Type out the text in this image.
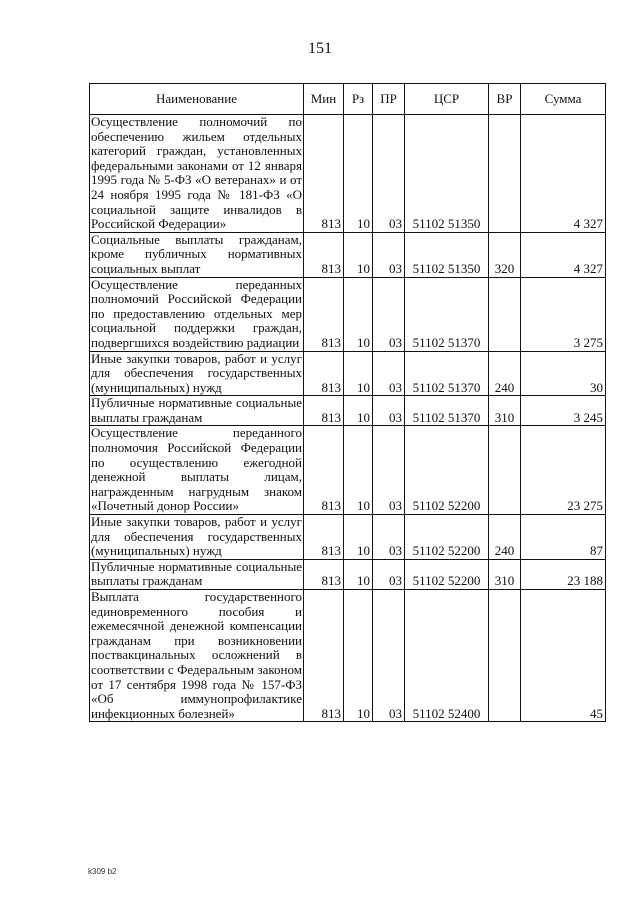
151
Наименование	Мин	Рз	ПР	ЦСР	ВР	Сумма
Осуществление полномочий по обеспечению жильем отдельных категорий граждан, установленных федеральными законами от 12 января 1995 года № 5-ФЗ «О ветеранах» и от 24 ноября 1995 года № 181-ФЗ «О социальной защите инвалидов в Российской Федерации»	813	10	03	51102 51350		4 327
Социальные выплаты гражданам, кроме публичных нормативных социальных выплат	813	10	03	51102 51350	320	4 327
Осуществление переданных полномочий Российской Федерации по предоставлению отдельных мер социальной поддержки граждан, подвергшихся воздействию радиации	813	10	03	51102 51370		3 275
Иные закупки товаров, работ и услуг для обеспечения государственных (муниципальных) нужд	813	10	03	51102 51370	240	30
Публичные нормативные социальные выплаты гражданам	813	10	03	51102 51370	310	3 245
Осуществление переданного полномочия Российской Федерации по осуществлению ежегодной денежной выплаты лицам, награжденным нагрудным знаком «Почетный донор России»	813	10	03	51102 52200		23 275
Иные закупки товаров, работ и услуг для обеспечения государственных (муниципальных) нужд	813	10	03	51102 52200	240	87
Публичные нормативные социальные выплаты гражданам	813	10	03	51102 52200	310	23 188
Выплата государственного единовременного пособия и ежемесячной денежной компенсации гражданам при возникновении поствакцинальных осложнений в соответствии с Федеральным законом от 17 сентября 1998 года № 157-ФЗ «Об иммунопрофилактике инфекционных болезней»	813	10	03	51102 52400		45
k309 b2
